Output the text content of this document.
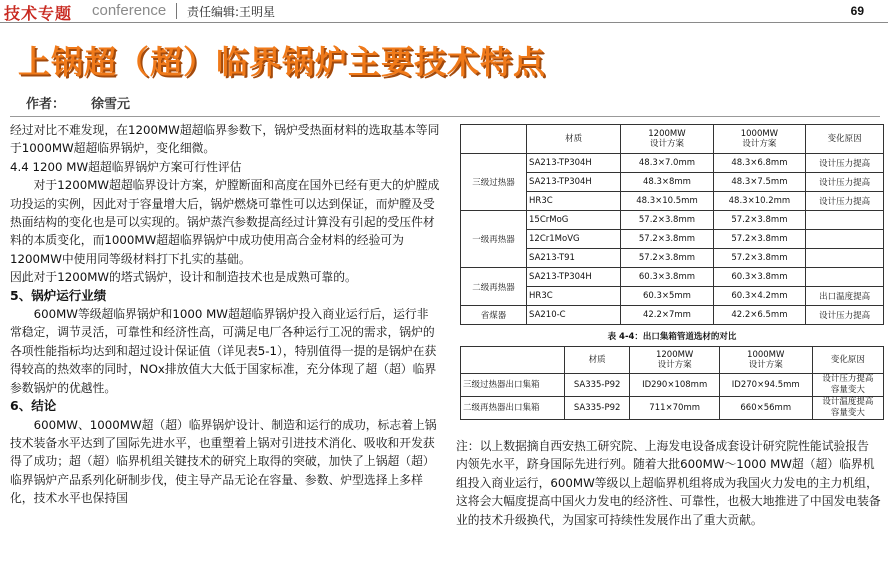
技术专题 conference 责任编辑:王明星	69
上锅超（超）临界锅炉主要技术特点
作者： 徐雪元

经过对比不难发现，在1200MW超超临界参数下，锅炉受热面材料的选取基本等同于1000MW超超临界锅炉，变化细微。

4.4 1200 MW超超临界锅炉方案可行性评估

对于1200MW超超临界设计方案，炉膛断面和高度在国外已经有更大的炉膛成功投运的实例，因此对于容量增大后，锅炉燃烧可靠性可以达到保证，而炉膛及受热面结构的变化也是可以实现的。锅炉蒸汽参数提高经过计算没有引起的受压件材料的本质变化，而1000MW超超临界锅炉中成功使用高合金材料的经验可为1200MW中使用同等级材料打下扎实的基础。

因此对于1200MW的塔式锅炉，设计和制造技术也是成熟可靠的。

5、锅炉运行业绩

600MW等级超临界锅炉和1000 MW超超临界锅炉投入商业运行后，运行非常稳定，调节灵活，可靠性和经济性高，可满足电厂各种运行工况的需求，锅炉的各项性能指标均达到和超过设计保证值（详见表5-1），特别值得一提的是锅炉在获得较高的热效率的同时，NOx排放值大大低于国家标准，充分体现了超（超）临界参数锅炉的优越性。

6、结论

600MW、1000MW超（超）临界锅炉设计、制造和运行的成功，标志着上锅技术装备水平达到了国际先进水平，也重塑着上锅对引进技术消化、吸收和开发获得了成功；超（超）临界机组关键技术的研究上取得的突破，加快了上锅超（超）临界锅炉产品系列化研制步伐，使主导产品无论在容量、参数、炉型选择上多样化，技术水平也保持国

	材质	1200MW
设计方案	1000MW
设计方案	变化原因
三级过热器	SA213-TP304H	48.3×7.0mm	48.3×6.8mm	设计压力提高
	SA213-TP304H	48.3×8mm	48.3×7.5mm	设计压力提高
	HR3C	48.3×10.5mm	48.3×10.2mm	设计压力提高
一级再热器	15CrMoG	57.2×3.8mm	57.2×3.8mm	
	12Cr1MoVG	57.2×3.8mm	57.2×3.8mm	
	SA213-T91	57.2×3.8mm	57.2×3.8mm	
二级再热器	SA213-TP304H	60.3×3.8mm	60.3×3.8mm	
	HR3C	60.3×5mm	60.3×4.2mm	出口温度提高
省煤器	SA210-C	42.2×7mm	42.2×6.5mm	设计压力提高
表 4-4：出口集箱管道选材的对比
	材质	1200MW
设计方案	1000MW
设计方案	变化原因
三级过热器出口集箱	SA335-P92	ID290×108mm	ID270×94.5mm	设计压力提高
容量变大
二级再热器出口集箱	SA335-P92	711×70mm	660×56mm	设计温度提高
容量变大

注：以上数据摘自西安热工研究院、上海发电设备成套设计研究院性能试验报告

内领先水平，跻身国际先进行列。随着大批600MW～1000 MW超（超）临界机组投入商业运行，600MW等级以上超临界机组将成为我国火力发电的主力机组，这将会大幅度提高中国火力发电的经济性、可靠性，也极大地推进了中国发电装备业的技术升级换代，为国家可持续性发展作出了重大贡献。
